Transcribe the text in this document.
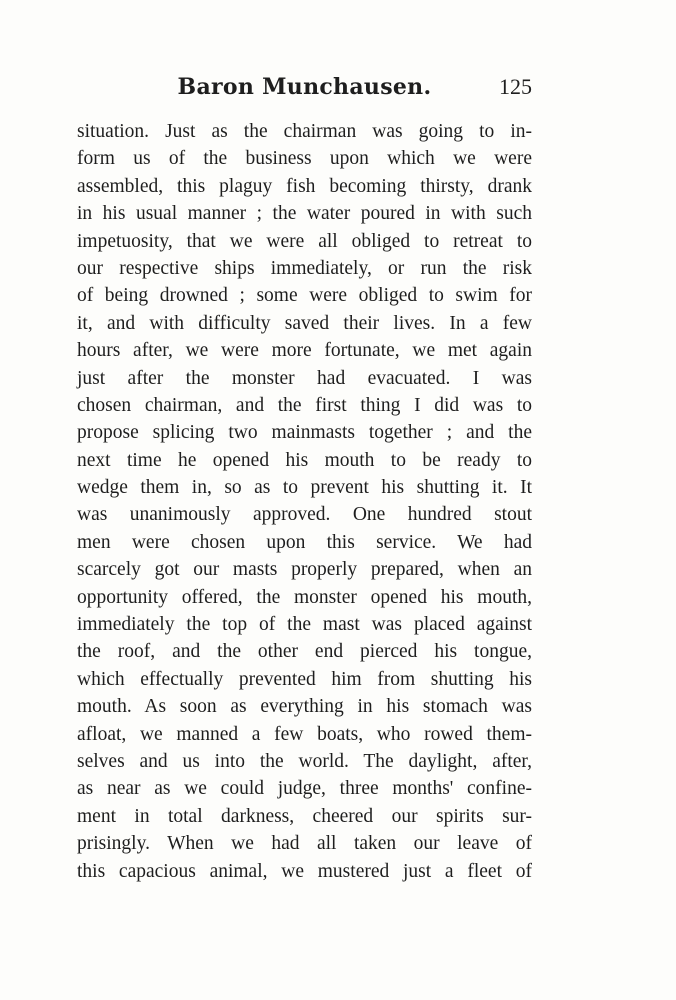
Baron Munchausen.	125
situation. Just as the chairman was going to in-
form us of the business upon which we were
assembled, this plaguy fish becoming thirsty, drank
in his usual manner ; the water poured in with such
impetuosity, that we were all obliged to retreat to
our respective ships immediately, or run the risk
of being drowned ; some were obliged to swim for
it, and with difficulty saved their lives. In a few
hours after, we were more fortunate, we met again
just after the monster had evacuated. I was
chosen chairman, and the first thing I did was to
propose splicing two mainmasts together ; and the
next time he opened his mouth to be ready to
wedge them in, so as to prevent his shutting it. It
was unanimously approved. One hundred stout
men were chosen upon this service. We had
scarcely got our masts properly prepared, when an
opportunity offered, the monster opened his mouth,
immediately the top of the mast was placed against
the roof, and the other end pierced his tongue,
which effectually prevented him from shutting his
mouth. As soon as everything in his stomach was
afloat, we manned a few boats, who rowed them-
selves and us into the world. The daylight, after,
as near as we could judge, three months' confine-
ment in total darkness, cheered our spirits sur-
prisingly. When we had all taken our leave of
this capacious animal, we mustered just a fleet of
